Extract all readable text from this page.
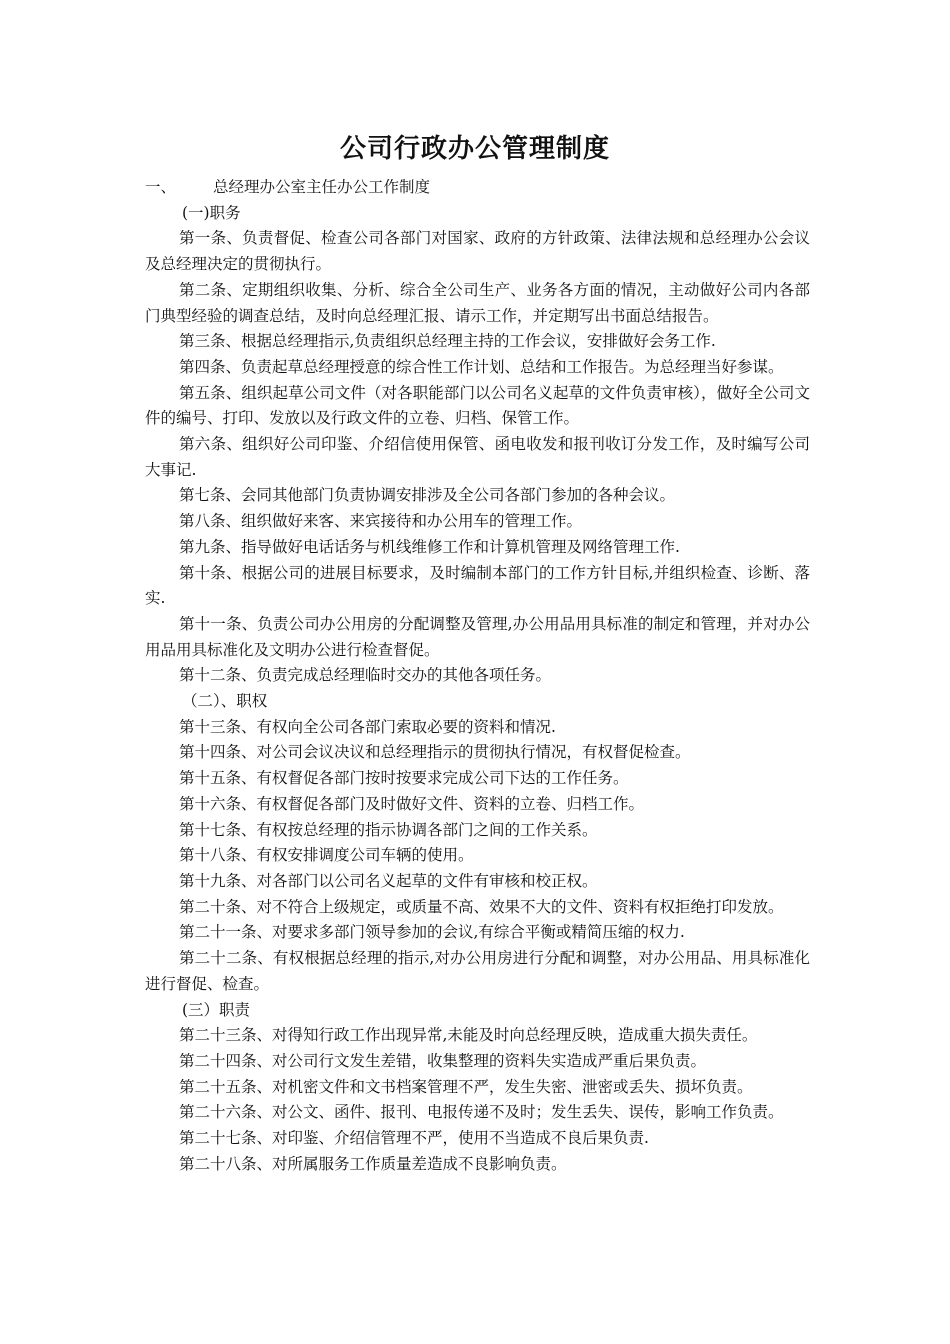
公司行政办公管理制度
一、	总经理办公室主任办公工作制度
(一)职务
第一条、负责督促、检查公司各部门对国家、政府的方针政策、法律法规和总经理办公会议及总经理决定的贯彻执行。
第二条、定期组织收集、分析、综合全公司生产、业务各方面的情况，主动做好公司内各部门典型经验的调查总结，及时向总经理汇报、请示工作，并定期写出书面总结报告。
第三条、根据总经理指示,负责组织总经理主持的工作会议，安排做好会务工作.
第四条、负责起草总经理授意的综合性工作计划、总结和工作报告。为总经理当好参谋。
第五条、组织起草公司文件（对各职能部门以公司名义起草的文件负责审核），做好全公司文件的编号、打印、发放以及行政文件的立卷、归档、保管工作。
第六条、组织好公司印鉴、介绍信使用保管、函电收发和报刊收订分发工作，及时编写公司大事记.
第七条、会同其他部门负责协调安排涉及全公司各部门参加的各种会议。
第八条、组织做好来客、来宾接待和办公用车的管理工作。
第九条、指导做好电话话务与机线维修工作和计算机管理及网络管理工作.
第十条、根据公司的进展目标要求，及时编制本部门的工作方针目标,并组织检查、诊断、落实.
第十一条、负责公司办公用房的分配调整及管理,办公用品用具标准的制定和管理，并对办公用品用具标准化及文明办公进行检查督促。
第十二条、负责完成总经理临时交办的其他各项任务。
（二）、职权
第十三条、有权向全公司各部门索取必要的资料和情况.
第十四条、对公司会议决议和总经理指示的贯彻执行情况，有权督促检查。
第十五条、有权督促各部门按时按要求完成公司下达的工作任务。
第十六条、有权督促各部门及时做好文件、资料的立卷、归档工作。
第十七条、有权按总经理的指示协调各部门之间的工作关系。
第十八条、有权安排调度公司车辆的使用。
第十九条、对各部门以公司名义起草的文件有审核和校正权。
第二十条、对不符合上级规定，或质量不高、效果不大的文件、资料有权拒绝打印发放。
第二十一条、对要求多部门领导参加的会议,有综合平衡或精简压缩的权力.
第二十二条、有权根据总经理的指示,对办公用房进行分配和调整，对办公用品、用具标准化进行督促、检查。
(三）职责
第二十三条、对得知行政工作出现异常,未能及时向总经理反映，造成重大损失责任。
第二十四条、对公司行文发生差错，收集整理的资料失实造成严重后果负责。
第二十五条、对机密文件和文书档案管理不严，发生失密、泄密或丢失、损坏负责。
第二十六条、对公文、函件、报刊、电报传递不及时；发生丢失、误传，影响工作负责。
第二十七条、对印鉴、介绍信管理不严，使用不当造成不良后果负责.
第二十八条、对所属服务工作质量差造成不良影响负责。
